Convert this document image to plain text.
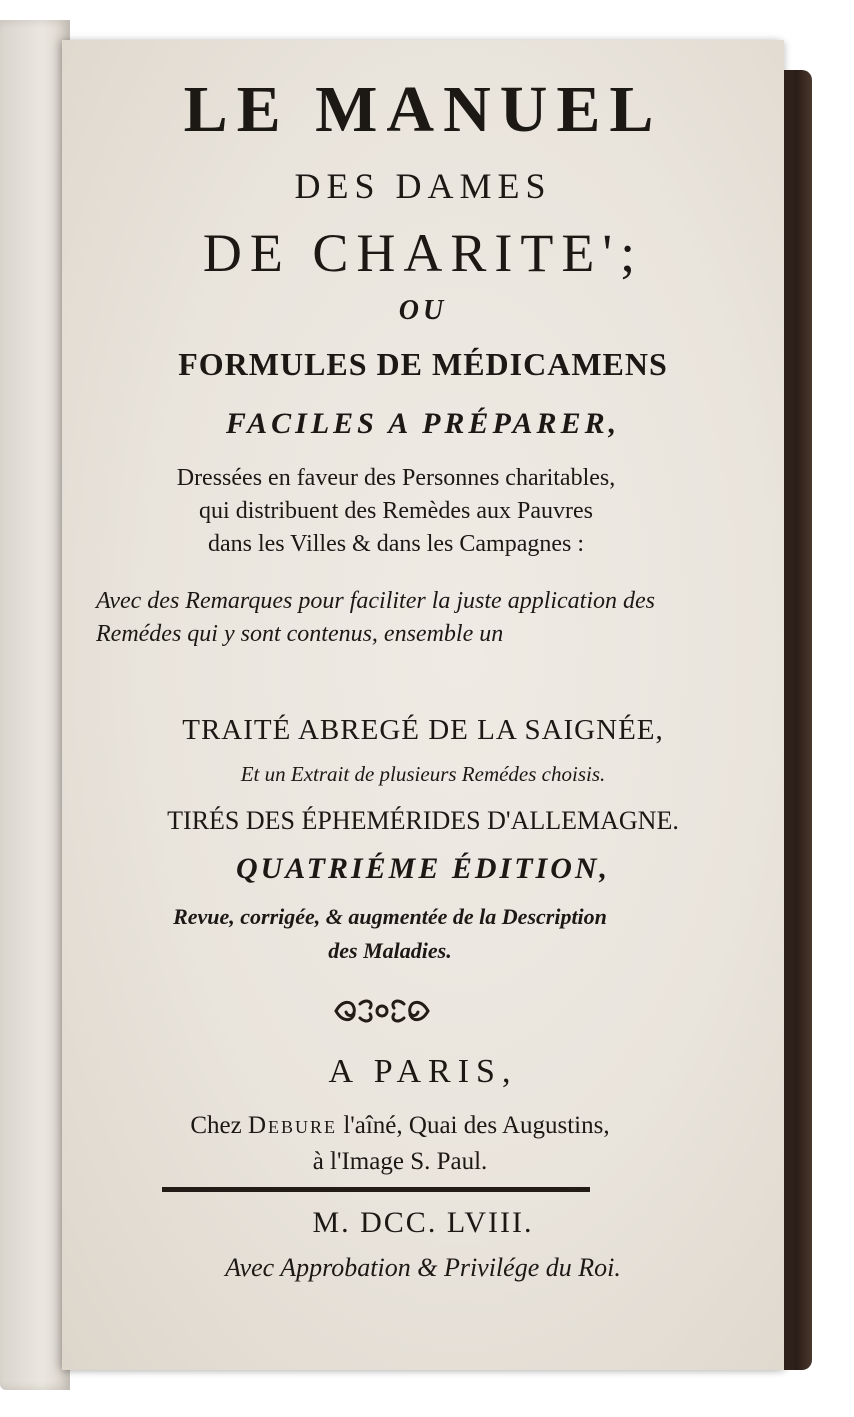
LE MANUEL

DES DAMES

DE CHARITE';

OU

FORMULES DE MÉDICAMENS

FACILES A PRÉPARER,

Dressées en faveur des Personnes charitables,
qui distribuent des Remèdes aux Pauvres
dans les Villes & dans les Campagnes :

Avec des Remarques pour faciliter la juste application des Remédes qui y sont contenus, ensemble un

TRAITÉ ABREGÉ DE LA SAIGNÉE,

Et un Extrait de plusieurs Remédes choisis.

TIRÉS DES ÉPHEMÉRIDES D'ALLEMAGNE.

QUATRIÉME ÉDITION,

Revue, corrigée, & augmentée de la Description
des Maladies.

A PARIS,

Chez Debure l'aîné, Quai des Augustins,
à l'Image S. Paul.

M. DCC. LVIII.

Avec Approbation & Privilége du Roi.
